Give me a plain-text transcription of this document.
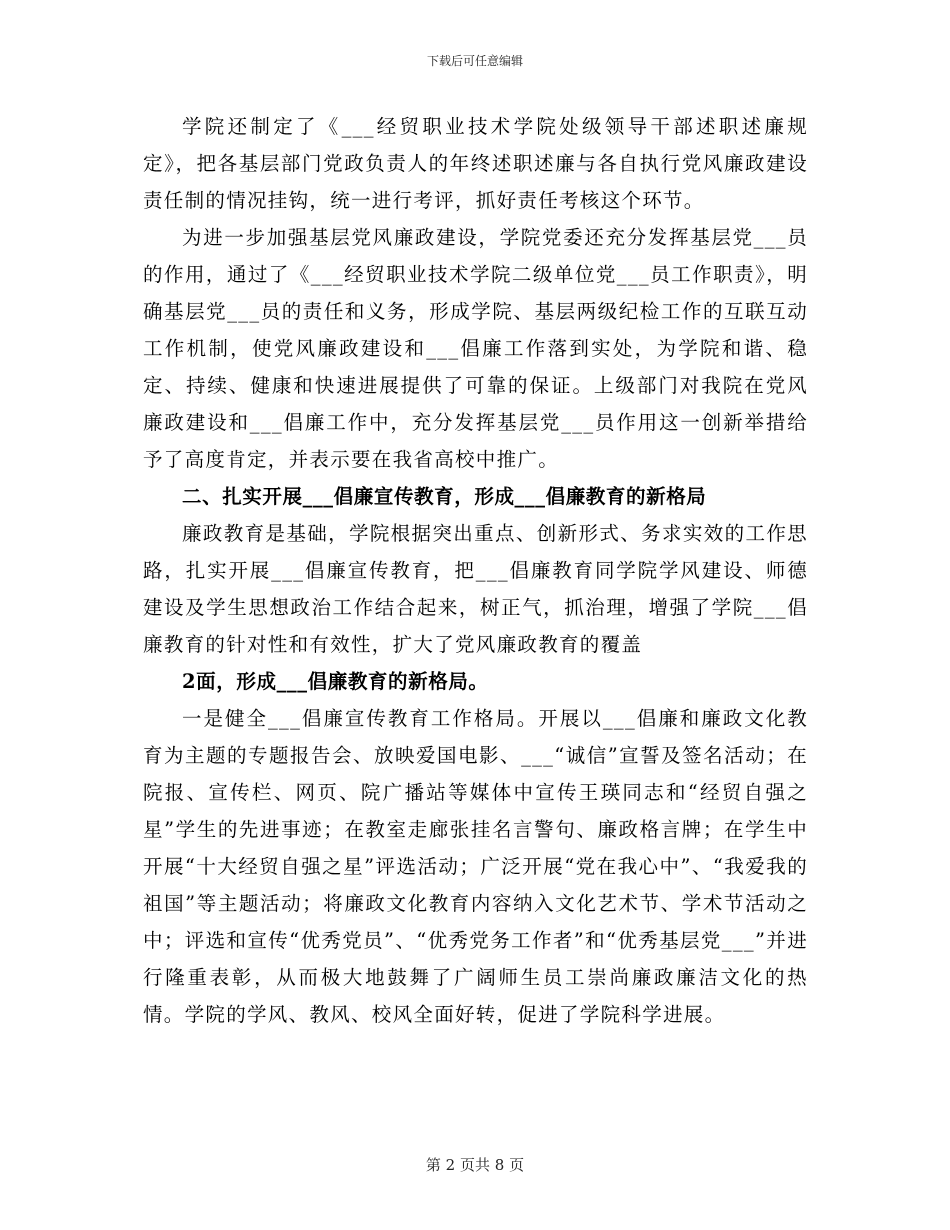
下载后可任意编辑

学院还制定了《___经贸职业技术学院处级领导干部述职述廉规定》，把各基层部门党政负责人的年终述职述廉与各自执行党风廉政建设责任制的情况挂钩，统一进行考评，抓好责任考核这个环节。

为进一步加强基层党风廉政建设，学院党委还充分发挥基层党___员的作用，通过了《___经贸职业技术学院二级单位党___员工作职责》，明确基层党___员的责任和义务，形成学院、基层两级纪检工作的互联互动工作机制，使党风廉政建设和___倡廉工作落到实处，为学院和谐、稳定、持续、健康和快速进展提供了可靠的保证。上级部门对我院在党风廉政建设和___倡廉工作中，充分发挥基层党___员作用这一创新举措给予了高度肯定，并表示要在我省高校中推广。

二、扎实开展___倡廉宣传教育，形成___倡廉教育的新格局

廉政教育是基础，学院根据突出重点、创新形式、务求实效的工作思路，扎实开展___倡廉宣传教育，把___倡廉教育同学院学风建设、师德建设及学生思想政治工作结合起来，树正气，抓治理，增强了学院___倡廉教育的针对性和有效性，扩大了党风廉政教育的覆盖

2面，形成___倡廉教育的新格局。

一是健全___倡廉宣传教育工作格局。开展以___倡廉和廉政文化教育为主题的专题报告会、放映爱国电影、___“诚信”宣誓及签名活动；在院报、宣传栏、网页、院广播站等媒体中宣传王瑛同志和“经贸自强之星”学生的先进事迹；在教室走廊张挂名言警句、廉政格言牌；在学生中开展“十大经贸自强之星”评选活动；广泛开展“党在我心中”、“我爱我的祖国”等主题活动；将廉政文化教育内容纳入文化艺术节、学术节活动之中；评选和宣传“优秀党员”、“优秀党务工作者”和“优秀基层党___”并进行隆重表彰，从而极大地鼓舞了广阔师生员工崇尚廉政廉洁文化的热情。学院的学风、教风、校风全面好转，促进了学院科学进展。

第 2 页共 8 页
